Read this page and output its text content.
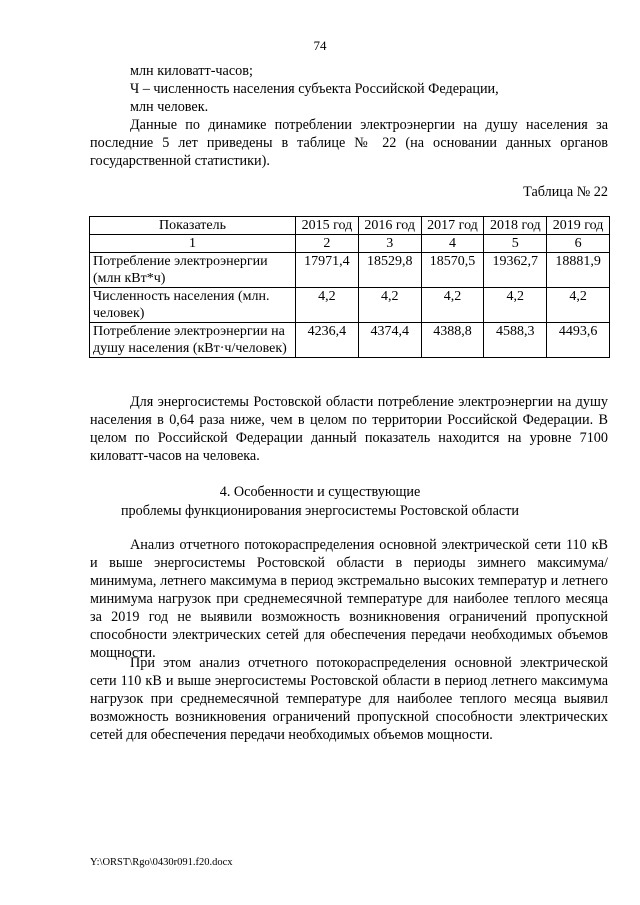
74
млн киловатт-часов;
Ч – численность населения субъекта Российской Федерации,
млн человек.
Данные по динамике потреблении электроэнергии на душу населения за последние 5 лет приведены в таблице № 22 (на основании данных органов государственной статистики).
Таблица № 22
Показатель	2015 год	2016 год	2017 год	2018 год	2019 год
1	2	3	4	5	6
Потребление электроэнергии (млн кВт*ч)	17971,4	18529,8	18570,5	19362,7	18881,9
Численность населения (млн. человек)	4,2	4,2	4,2	4,2	4,2
Потребление электроэнергии на душу населения (кВт·ч/человек)	4236,4	4374,4	4388,8	4588,3	4493,6

Для энергосистемы Ростовской области потребление электроэнергии на душу населения в 0,64 раза ниже, чем в целом по территории Российской Федерации. В целом по Российской Федерации данный показатель находится на уровне 7100 киловатт-часов на человека.

4. Особенности и существующие
проблемы функционирования энергосистемы Ростовской области

Анализ отчетного потокораспределения основной электрической сети 110 кВ и выше энергосистемы Ростовской области в периоды зимнего максимума/минимума, летнего максимума в период экстремально высоких температур и летнего минимума нагрузок при среднемесячной температуре для наиболее теплого месяца за 2019 год не выявили возможность возникновения ограничений пропускной способности электрических сетей для обеспечения передачи необходимых объемов мощности.

При этом анализ отчетного потокораспределения основной электрической сети 110 кВ и выше энергосистемы Ростовской области в период летнего максимума нагрузок при среднемесячной температуре для наиболее теплого месяца выявил возможность возникновения ограничений пропускной способности электрических сетей для обеспечения передачи необходимых объемов мощности.

Y:\ORST\Rgo\0430r091.f20.docx
